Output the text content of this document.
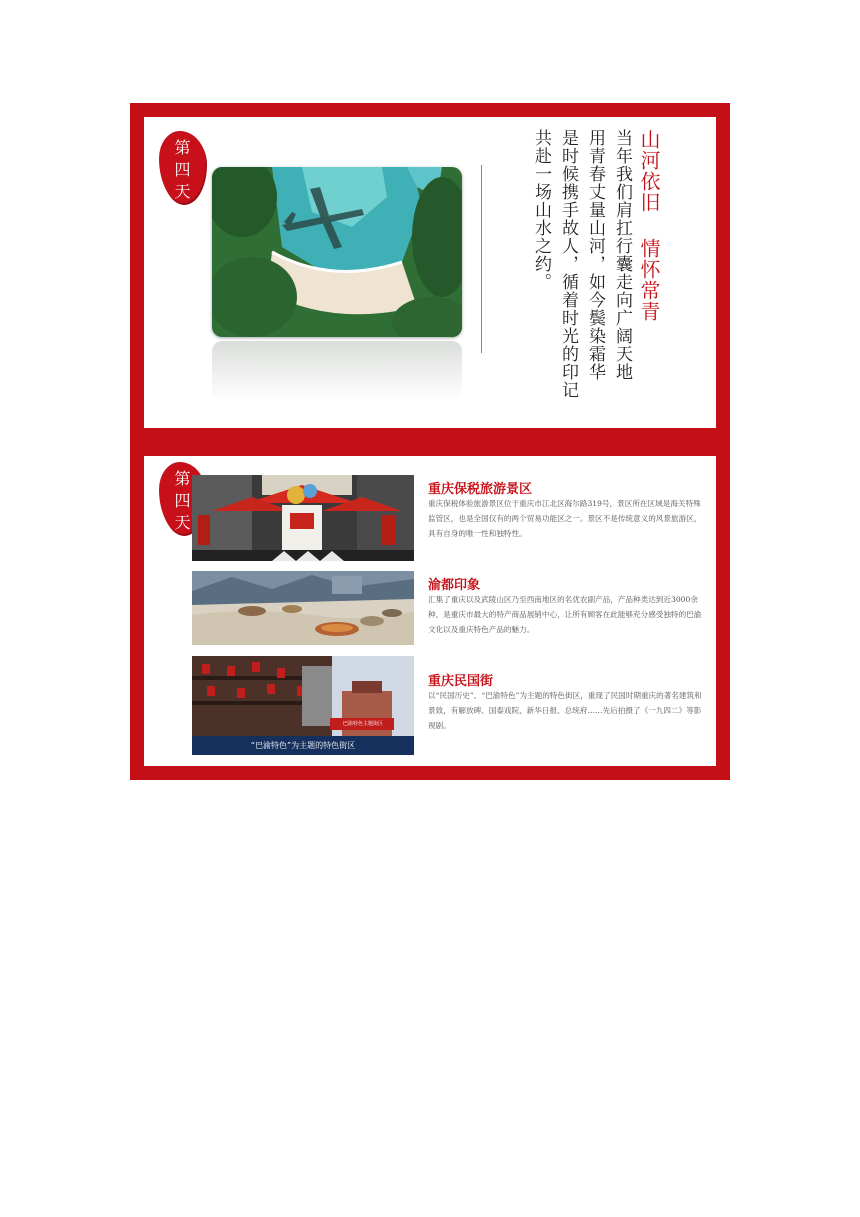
第
四
天	山河依旧 情怀常青
当年我们肩扛行囊走向广阔天地
用青春丈量山河，如今鬓染霜华
是时候携手故人，循着时光的印记
共赴一场山水之约。
第
四
天
重庆保税旅游景区
重庆保税体验旅游景区位于重庆市江北区海尔路319号，景区所在区域是海关特殊监管区，也是全国仅有的两个贸易功能区之一。景区不是传统意义的风景旅游区，具有自身的唯一性和独特性。
渝都印象
汇集了重庆以及武陵山区乃至西南地区的名优农副产品，产品种类达到近3000余种，是重庆市最大的特产商品展销中心，让所有顾客在此能够充分感受独特的巴渝文化以及重庆特色产品的魅力。
巴渝特色主题街区
“巴渝特色”为主题的特色街区
重庆民国街
以“民国历史”、“巴渝特色”为主题的特色街区，重现了民国时期重庆的著名建筑和景致，有解放碑、国泰戏院、新华日报、总统府……先后拍摄了《一九四二》等影视剧。
